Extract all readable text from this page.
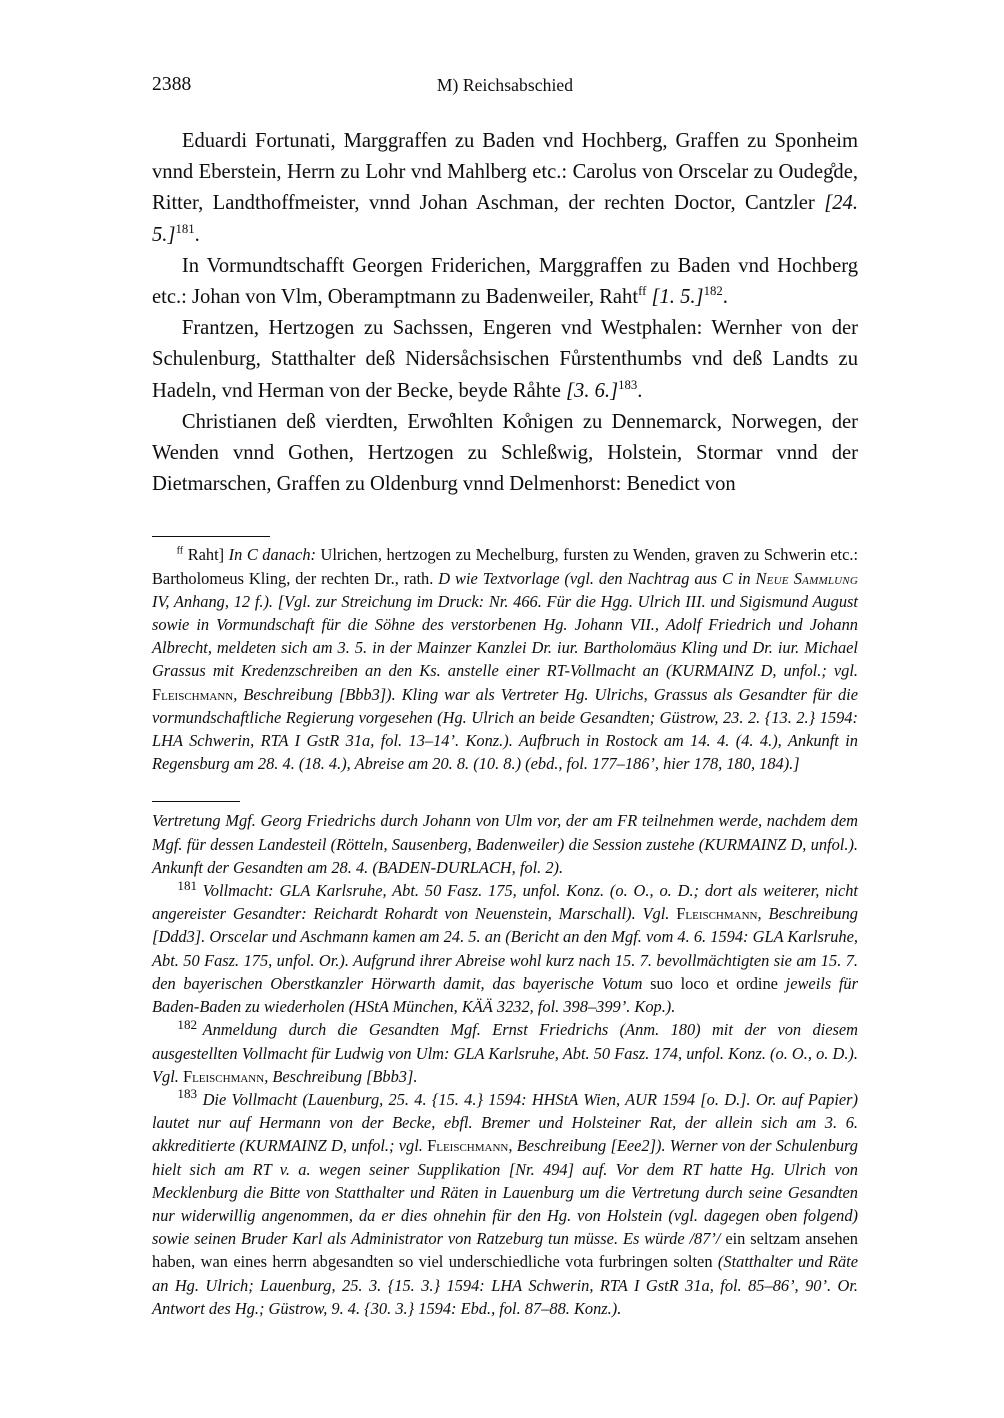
2388	M) Reichsabschied

Eduardi Fortunati, Marggraffen zu Baden vnd Hochberg, Graffen zu Sponheim vnnd Eberstein, Herrn zu Lohr vnd Mahlberg etc.: Carolus von Orscelar zu Oudeg̊de, Ritter, Landthoffmeister, vnnd Johan Aschman, der rechten Doctor, Cantzler [24. 5.]$^{181}$.

In Vormundtschafft Georgen Friderichen, Marggraffen zu Baden vnd Hochberg etc.: Johan von Vlm, Oberamptmann zu Badenweiler, Raht$^{ff}$ [1. 5.]$^{182}$.

Frantzen, Hertzogen zu Sachssen, Engeren vnd Westphalen: Wernher von der Schulenburg, Statthalter deß Nidersåchsischen Fůrstenthumbs vnd deß Landts zu Hadeln, vnd Herman von der Becke, beyde Råhte [3. 6.]$^{183}$.

Christianen deß vierdten, Erwo̊hlten Ko̊nigen zu Dennemarck, Norwegen, der Wenden vnnd Gothen, Hertzogen zu Schleßwig, Holstein, Stormar vnnd der Dietmarschen, Graffen zu Oldenburg vnnd Delmenhorst: Benedict von

$^{ff}$ Raht] In C danach: Ulrichen, hertzogen zu Mechelburg, fursten zu Wenden, graven zu Schwerin etc.: Bartholomeus Kling, der rechten Dr., rath. D wie Textvorlage (vgl. den Nachtrag aus C in Neue Sammlung IV, Anhang, 12 f.). [Vgl. zur Streichung im Druck: Nr. 466. Für die Hgg. Ulrich III. und Sigismund August sowie in Vormundschaft für die Söhne des verstorbenen Hg. Johann VII., Adolf Friedrich und Johann Albrecht, meldeten sich am 3. 5. in der Mainzer Kanzlei Dr. iur. Bartholomäus Kling und Dr. iur. Michael Grassus mit Kredenzschreiben an den Ks. anstelle einer RT-Vollmacht an (KURMAINZ D, unfol.; vgl. Fleischmann, Beschreibung [Bbb3]). Kling war als Vertreter Hg. Ulrichs, Grassus als Gesandter für die vormundschaftliche Regierung vorgesehen (Hg. Ulrich an beide Gesandten; Güstrow, 23. 2. {13. 2.} 1594: LHA Schwerin, RTA I GstR 31a, fol. 13–14’. Konz.). Aufbruch in Rostock am 14. 4. (4. 4.), Ankunft in Regensburg am 28. 4. (18. 4.), Abreise am 20. 8. (10. 8.) (ebd., fol. 177–186’, hier 178, 180, 184).]

Vertretung Mgf. Georg Friedrichs durch Johann von Ulm vor, der am FR teilnehmen werde, nachdem dem Mgf. für dessen Landesteil (Rötteln, Sausenberg, Badenweiler) die Session zustehe (KURMAINZ D, unfol.). Ankunft der Gesandten am 28. 4. (BADEN-DURLACH, fol. 2).

$^{181}$ Vollmacht: GLA Karlsruhe, Abt. 50 Fasz. 175, unfol. Konz. (o. O., o. D.; dort als weiterer, nicht angereister Gesandter: Reichardt Rohardt von Neuenstein, Marschall). Vgl. Fleischmann, Beschreibung [Ddd3]. Orscelar und Aschmann kamen am 24. 5. an (Bericht an den Mgf. vom 4. 6. 1594: GLA Karlsruhe, Abt. 50 Fasz. 175, unfol. Or.). Aufgrund ihrer Abreise wohl kurz nach 15. 7. bevollmächtigten sie am 15. 7. den bayerischen Oberstkanzler Hörwarth damit, das bayerische Votum suo loco et ordine jeweils für Baden-Baden zu wiederholen (HStA München, KÄÄ 3232, fol. 398–399’. Kop.).

$^{182}$ Anmeldung durch die Gesandten Mgf. Ernst Friedrichs (Anm. 180) mit der von diesem ausgestellten Vollmacht für Ludwig von Ulm: GLA Karlsruhe, Abt. 50 Fasz. 174, unfol. Konz. (o. O., o. D.). Vgl. Fleischmann, Beschreibung [Bbb3].

$^{183}$ Die Vollmacht (Lauenburg, 25. 4. {15. 4.} 1594: HHStA Wien, AUR 1594 [o. D.]. Or. auf Papier) lautet nur auf Hermann von der Becke, ebfl. Bremer und Holsteiner Rat, der allein sich am 3. 6. akkreditierte (KURMAINZ D, unfol.; vgl. Fleischmann, Beschreibung [Eee2]). Werner von der Schulenburg hielt sich am RT v. a. wegen seiner Supplikation [Nr. 494] auf. Vor dem RT hatte Hg. Ulrich von Mecklenburg die Bitte von Statthalter und Räten in Lauenburg um die Vertretung durch seine Gesandten nur widerwillig angenommen, da er dies ohnehin für den Hg. von Holstein (vgl. dagegen oben folgend) sowie seinen Bruder Karl als Administrator von Ratzeburg tun müsse. Es würde /87’/ ein seltzam ansehen haben, wan eines herrn abgesandten so viel underschiedliche vota furbringen solten (Statthalter und Räte an Hg. Ulrich; Lauenburg, 25. 3. {15. 3.} 1594: LHA Schwerin, RTA I GstR 31a, fol. 85–86’, 90’. Or. Antwort des Hg.; Güstrow, 9. 4. {30. 3.} 1594: Ebd., fol. 87–88. Konz.).
